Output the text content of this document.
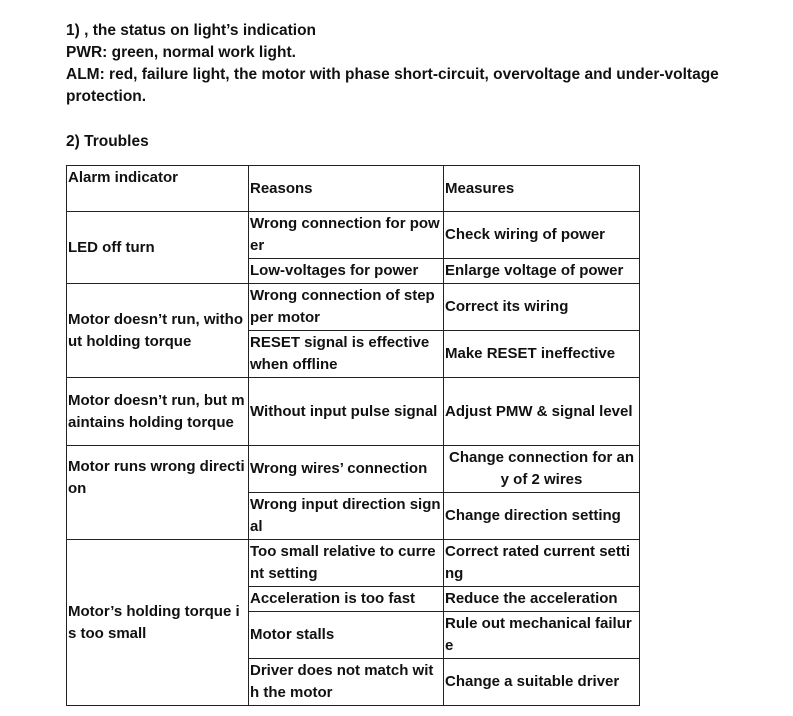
1) , the status on light’s indication

PWR: green, normal work light.

ALM: red, failure light, the motor with phase short-circuit, overvoltage and under-voltage protection.

2) Troubles

Alarm indicator	Reasons	Measures
LED off turn	Wrong connection for power	Check wiring of power
	Low-voltages for power	Enlarge voltage of power
Motor doesn’t run, without holding torque	Wrong connection of stepper motor	Correct its wiring
	RESET signal is effective when offline	Make RESET ineffective
Motor doesn’t run, but maintains holding torque	Without input pulse signal	Adjust PMW & signal level
Motor runs wrong direction	Wrong wires’ connection	Change connection for any of 2 wires
	Wrong input direction signal	Change direction setting
Motor’s holding torque is too small	Too small relative to current setting	Correct rated current setting
	Acceleration is too fast	Reduce the acceleration
	Motor stalls	Rule out mechanical failure
	Driver does not match with the motor	Change a suitable driver
